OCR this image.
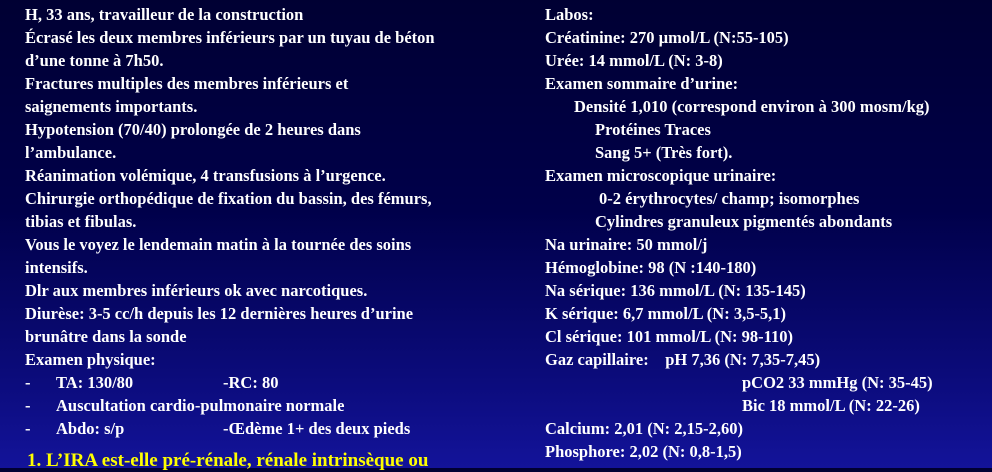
H, 33 ans, travailleur de la construction
Écrasé les deux membres inférieurs par un tuyau de béton
d’une tonne à 7h50.
Fractures multiples des membres inférieurs et
saignements importants.
Hypotension (70/40) prolongée de 2 heures dans
l’ambulance.
Réanimation volémique, 4 transfusions à l’urgence.
Chirurgie orthopédique de fixation du bassin, des fémurs,
tibias et fibulas.
Vous le voyez le lendemain matin à la tournée des soins
intensifs.
Dlr aux membres inférieurs ok avec narcotiques.
Diurèse: 3-5 cc/h depuis les 12 dernières heures d’urine
brunâtre dans la sonde
Examen physique:
- TA: 130/80	-RC: 80
- Auscultation cardio-pulmonaire normale
- Abdo: s/p	-Œdème 1+ des deux pieds
1. L’IRA est-elle pré-rénale, rénale intrinsèque ou
Labos:
Créatinine: 270 µmol/L (N:55-105)
Urée: 14 mmol/L (N: 3-8)
Examen sommaire d’urine:
Densité 1,010 (correspond environ à 300 mosm/kg)
Protéines Traces
Sang 5+ (Très fort).
Examen microscopique urinaire:
0-2 érythrocytes/ champ; isomorphes
Cylindres granuleux pigmentés abondants
Na urinaire: 50 mmol/j
Hémoglobine: 98 (N :140-180)
Na sérique: 136 mmol/L (N: 135-145)
K sérique: 6,7 mmol/L (N: 3,5-5,1)
Cl sérique: 101 mmol/L (N: 98-110)
Gaz capillaire:    pH 7,36 (N: 7,35-7,45)
pCO2 33 mmHg (N: 35-45)
Bic 18 mmol/L (N: 22-26)
Calcium: 2,01 (N: 2,15-2,60)
Phosphore: 2,02 (N: 0,8-1,5)
